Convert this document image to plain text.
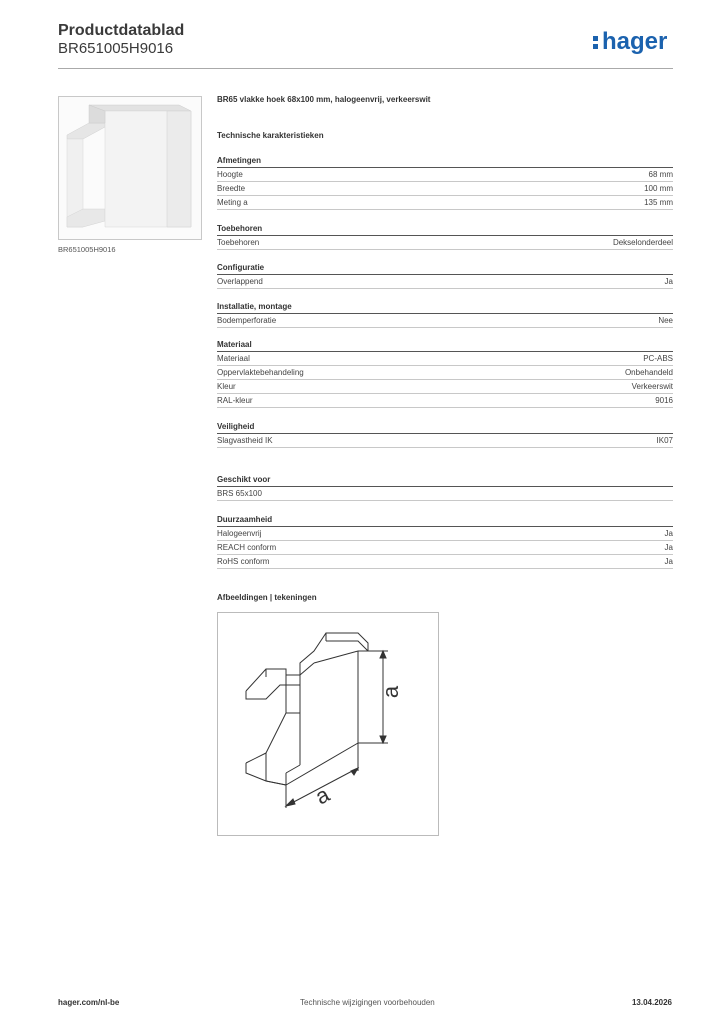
Productdatablad
BR651005H9016	hager
BR651005H9016
BR65 vlakke hoek 68x100 mm, halogeenvrij, verkeerswit
Technische karakteristieken
Afmetingen
Hoogte	68 mm
Breedte	100 mm
Meting a	135 mm
Toebehoren
Toebehoren	Dekselonderdeel
Configuratie
Overlappend	Ja
Installatie, montage
Bodemperforatie	Nee
Materiaal
Materiaal	PC-ABS
Oppervlaktebehandeling	Onbehandeld
Kleur	Verkeerswit
RAL-kleur	9016
Veiligheid
Slagvastheid IK	IK07
Geschikt voor
BRS 65x100
Duurzaamheid
Halogeenvrij	Ja
REACH conform	Ja
RoHS conform	Ja
Afbeeldingen | tekeningen
a
a
hager.com/nl-be	Technische wijzigingen voorbehouden	13.04.2026
